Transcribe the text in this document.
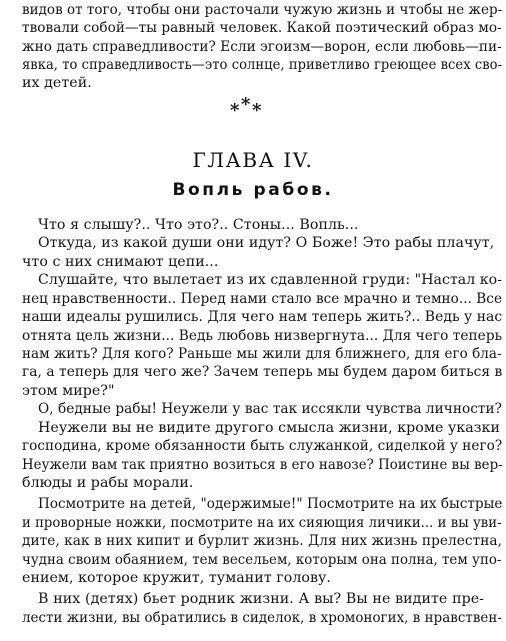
видов от того, чтобы они расточали чужую жизнь и чтобы не жер-
твовали собой—ты равный человек. Какой поэтический образ мо-
жно дать справедливости? Если эгоизм—ворон, если любовь—пи-
явка, то справедливость—это солнце, приветливо греющее всех сво-
их детей.
* * *
ГЛАВА IV.
Вопль рабов.
Что я слышу?.. Что это?.. Стоны... Вопль...
Откуда, из какой души они идут? О Боже! Это рабы плачут,
что с них снимают цепи...
Слушайте, что вылетает из их сдавленной груди: "Настал ко-
нец нравственности.. Перед нами стало все мрачно и темно... Все
наши идеалы рушились. Для чего нам теперь жить?.. Ведь у нас
отнята цель жизни... Ведь любовь низвергнута... Для чего теперь
нам жить? Для кого? Раньше мы жили для ближнего, для его бла-
га, а теперь для чего же? Зачем теперь мы будем даром биться в
этом мире?"
О, бедные рабы! Неужели у вас так иссякли чувства личности?
Неужели вы не видите другого смысла жизни, кроме указки
господина, кроме обязанности быть служанкой, сиделкой у него?
Неужели вам так приятно возиться в его навозе? Поистине вы вер-
блюды и рабы морали.
Посмотрите на детей, "одержимые!" Посмотрите на их быстрые
и проворные ножки, посмотрите на их сияющия личики... и вы уви-
дите, как в них кипит и бурлит жизнь. Для них жизнь прелестна,
чудна своим обаянием, тем весельем, которым она полна, тем упо-
ением, которое кружит, туманит голову.
В них (детях) бьет родник жизни. А вы? Вы не видите пре-
лести жизни, вы обратились в сиделок, в хромоногих, в нравствен-
